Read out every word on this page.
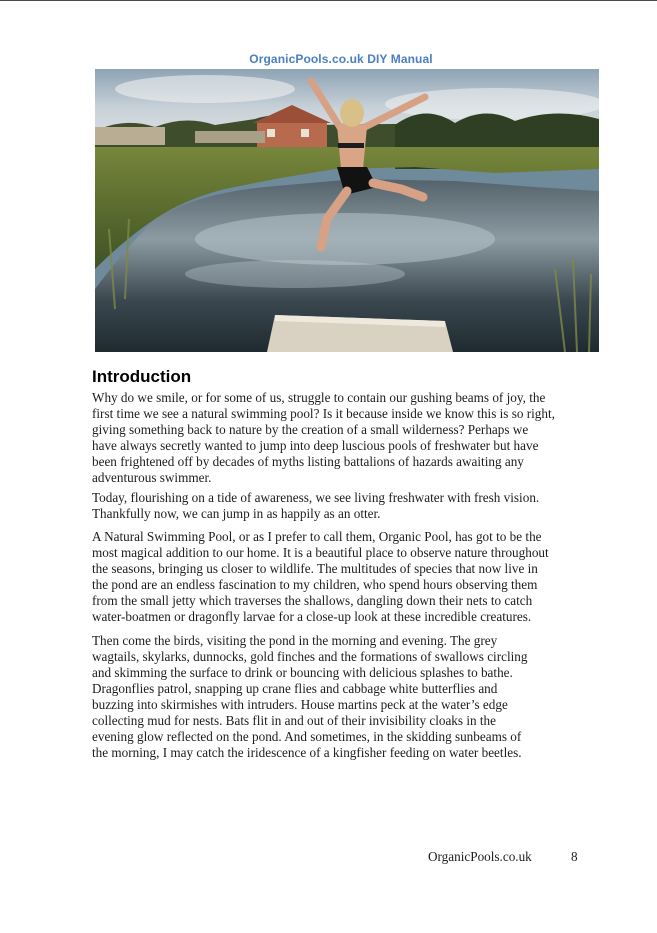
OrganicPools.co.uk DIY Manual
Introduction
Why do we smile, or for some of us, struggle to contain our gushing beams of joy, the
first time we see a natural swimming pool? Is it because inside we know this is so right,
giving something back to nature by the creation of a small wilderness? Perhaps we
have always secretly wanted to jump into deep luscious pools of freshwater but have
been frightened off by decades of myths listing battalions of hazards awaiting any
adventurous swimmer.
Today, flourishing on a tide of awareness, we see living freshwater with fresh vision.
Thankfully now, we can jump in as happily as an otter.
A Natural Swimming Pool, or as I prefer to call them, Organic Pool, has got to be the
most magical addition to our home. It is a beautiful place to observe nature throughout
the seasons, bringing us closer to wildlife. The multitudes of species that now live in
the pond are an endless fascination to my children, who spend hours observing them
from the small jetty which traverses the shallows, dangling down their nets to catch
water-boatmen or dragonfly larvae for a close-up look at these incredible creatures.
Then come the birds, visiting the pond in the morning and evening. The grey
wagtails, skylarks, dunnocks, gold finches and the formations of swallows circling
and skimming the surface to drink or bouncing with delicious splashes to bathe.
Dragonflies patrol, snapping up crane flies and cabbage white butterflies and
buzzing into skirmishes with intruders. House martins peck at the water’s edge
collecting mud for nests. Bats flit in and out of their invisibility cloaks in the
evening glow reflected on the pond. And sometimes, in the skidding sunbeams of
the morning, I may catch the iridescence of a kingfisher feeding on water beetles.
OrganicPools.co.uk	8
